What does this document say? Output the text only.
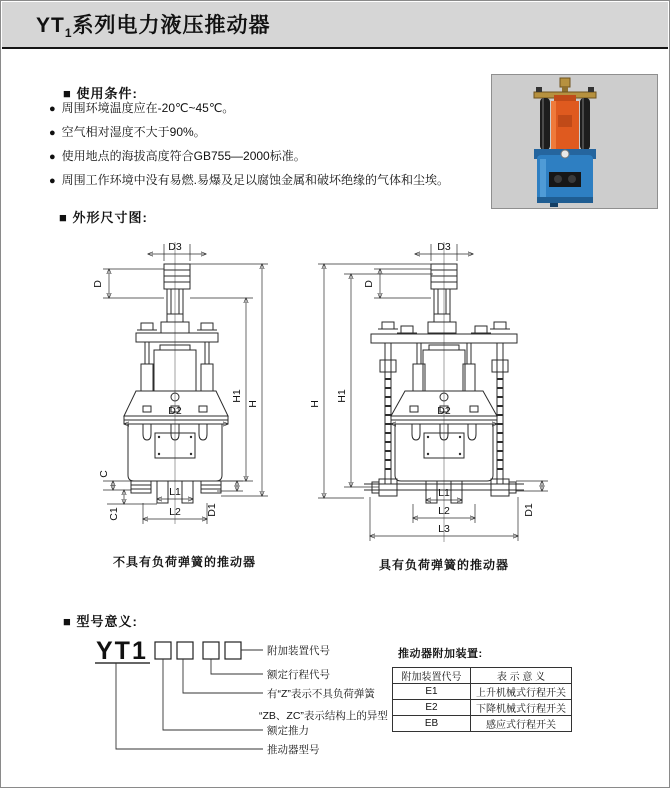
$YT_1$系列电力液压推动器
■ 使用条件:
● 周围环境温度应在-20℃~45℃。
● 空气相对湿度不大于90%。
● 使用地点的海拔高度符合GB755—2000标准。
● 周围工作环境中没有易燃.易爆及足以腐蚀金属和破坏绝缘的气体和尘埃。
■ 外形尺寸图:
D3
D
D2
C
C1
L1
L2 D1
H1
H
D3
D
D2
L1
L2
L3
D1
H1
H
不具有负荷弹簧的推动器	具有负荷弹簧的推动器
■ 型号意义:
YT1	附加装置代号
额定行程代号
有“Z”表示不具负荷弹簧
“ZB、ZC”表示结构上的异型
额定推力
推动器型号
推动器附加装置:
附加装置代号	表 示 意 义
E1	上升机械式行程开关
E2	下降机械式行程开关
EB	感应式行程开关
